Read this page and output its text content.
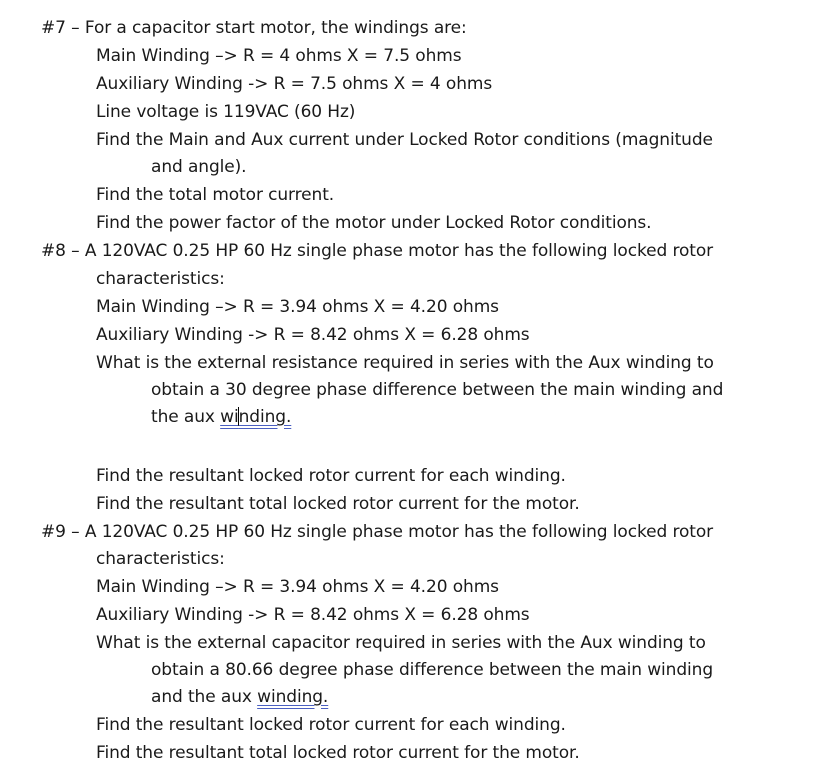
#7 – For a capacitor start motor, the windings are:
Main Winding –> R = 4 ohms X = 7.5 ohms
Auxiliary Winding -> R = 7.5 ohms X = 4 ohms
Line voltage is 119VAC (60 Hz)
Find the Main and Aux current under Locked Rotor conditions (magnitude
and angle).
Find the total motor current.
Find the power factor of the motor under Locked Rotor conditions.
#8 – A 120VAC 0.25 HP 60 Hz single phase motor has the following locked rotor
characteristics:
Main Winding –> R = 3.94 ohms X = 4.20 ohms
Auxiliary Winding -> R = 8.42 ohms X = 6.28 ohms
What is the external resistance required in series with the Aux winding to
obtain a 30 degree phase difference between the main winding and
the aux winding.
Find the resultant locked rotor current for each winding.
Find the resultant total locked rotor current for the motor.
#9 – A 120VAC 0.25 HP 60 Hz single phase motor has the following locked rotor
characteristics:
Main Winding –> R = 3.94 ohms X = 4.20 ohms
Auxiliary Winding -> R = 8.42 ohms X = 6.28 ohms
What is the external capacitor required in series with the Aux winding to
obtain a 80.66 degree phase difference between the main winding
and the aux winding.
Find the resultant locked rotor current for each winding.
Find the resultant total locked rotor current for the motor.
